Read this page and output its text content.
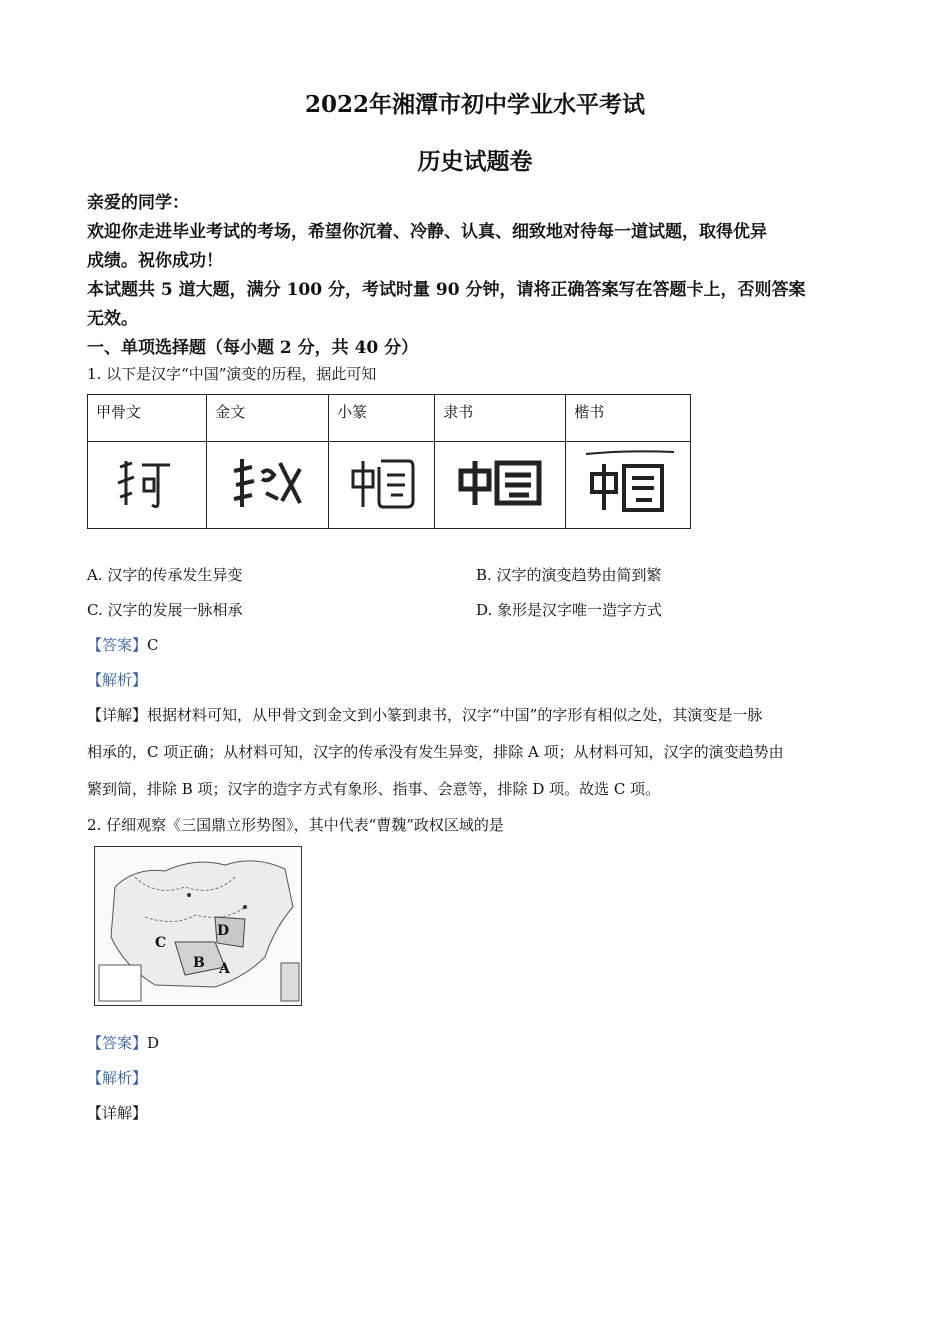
2022年湘潭市初中学业水平考试
历史试题卷
亲爱的同学：
欢迎你走进毕业考试的考场，希望你沉着、冷静、认真、细致地对待每一道试题，取得优异
成绩。祝你成功！
本试题共 5 道大题，满分 100 分，考试时量 90 分钟，请将正确答案写在答题卡上，否则答案
无效。
一、单项选择题（每小题 2 分，共 40 分）
1. 以下是汉字“中国”演变的历程，据此可知
甲骨文	金文	小篆	隶书	楷书

A. 汉字的传承发生异变	B. 汉字的演变趋势由简到繁
C. 汉字的发展一脉相承	D. 象形是汉字唯一造字方式
【答案】C
【解析】
【详解】根据材料可知，从甲骨文到金文到小篆到隶书，汉字“中国”的字形有相似之处，其演变是一脉
相承的，C 项正确；从材料可知，汉字的传承没有发生异变，排除 A 项；从材料可知，汉字的演变趋势由
繁到简，排除 B 项；汉字的造字方式有象形、指事、会意等，排除 D 项。故选 C 项。
2. 仔细观察《三国鼎立形势图》，其中代表“曹魏”政权区域的是
C
B A
D
【答案】D
【解析】
【详解】
